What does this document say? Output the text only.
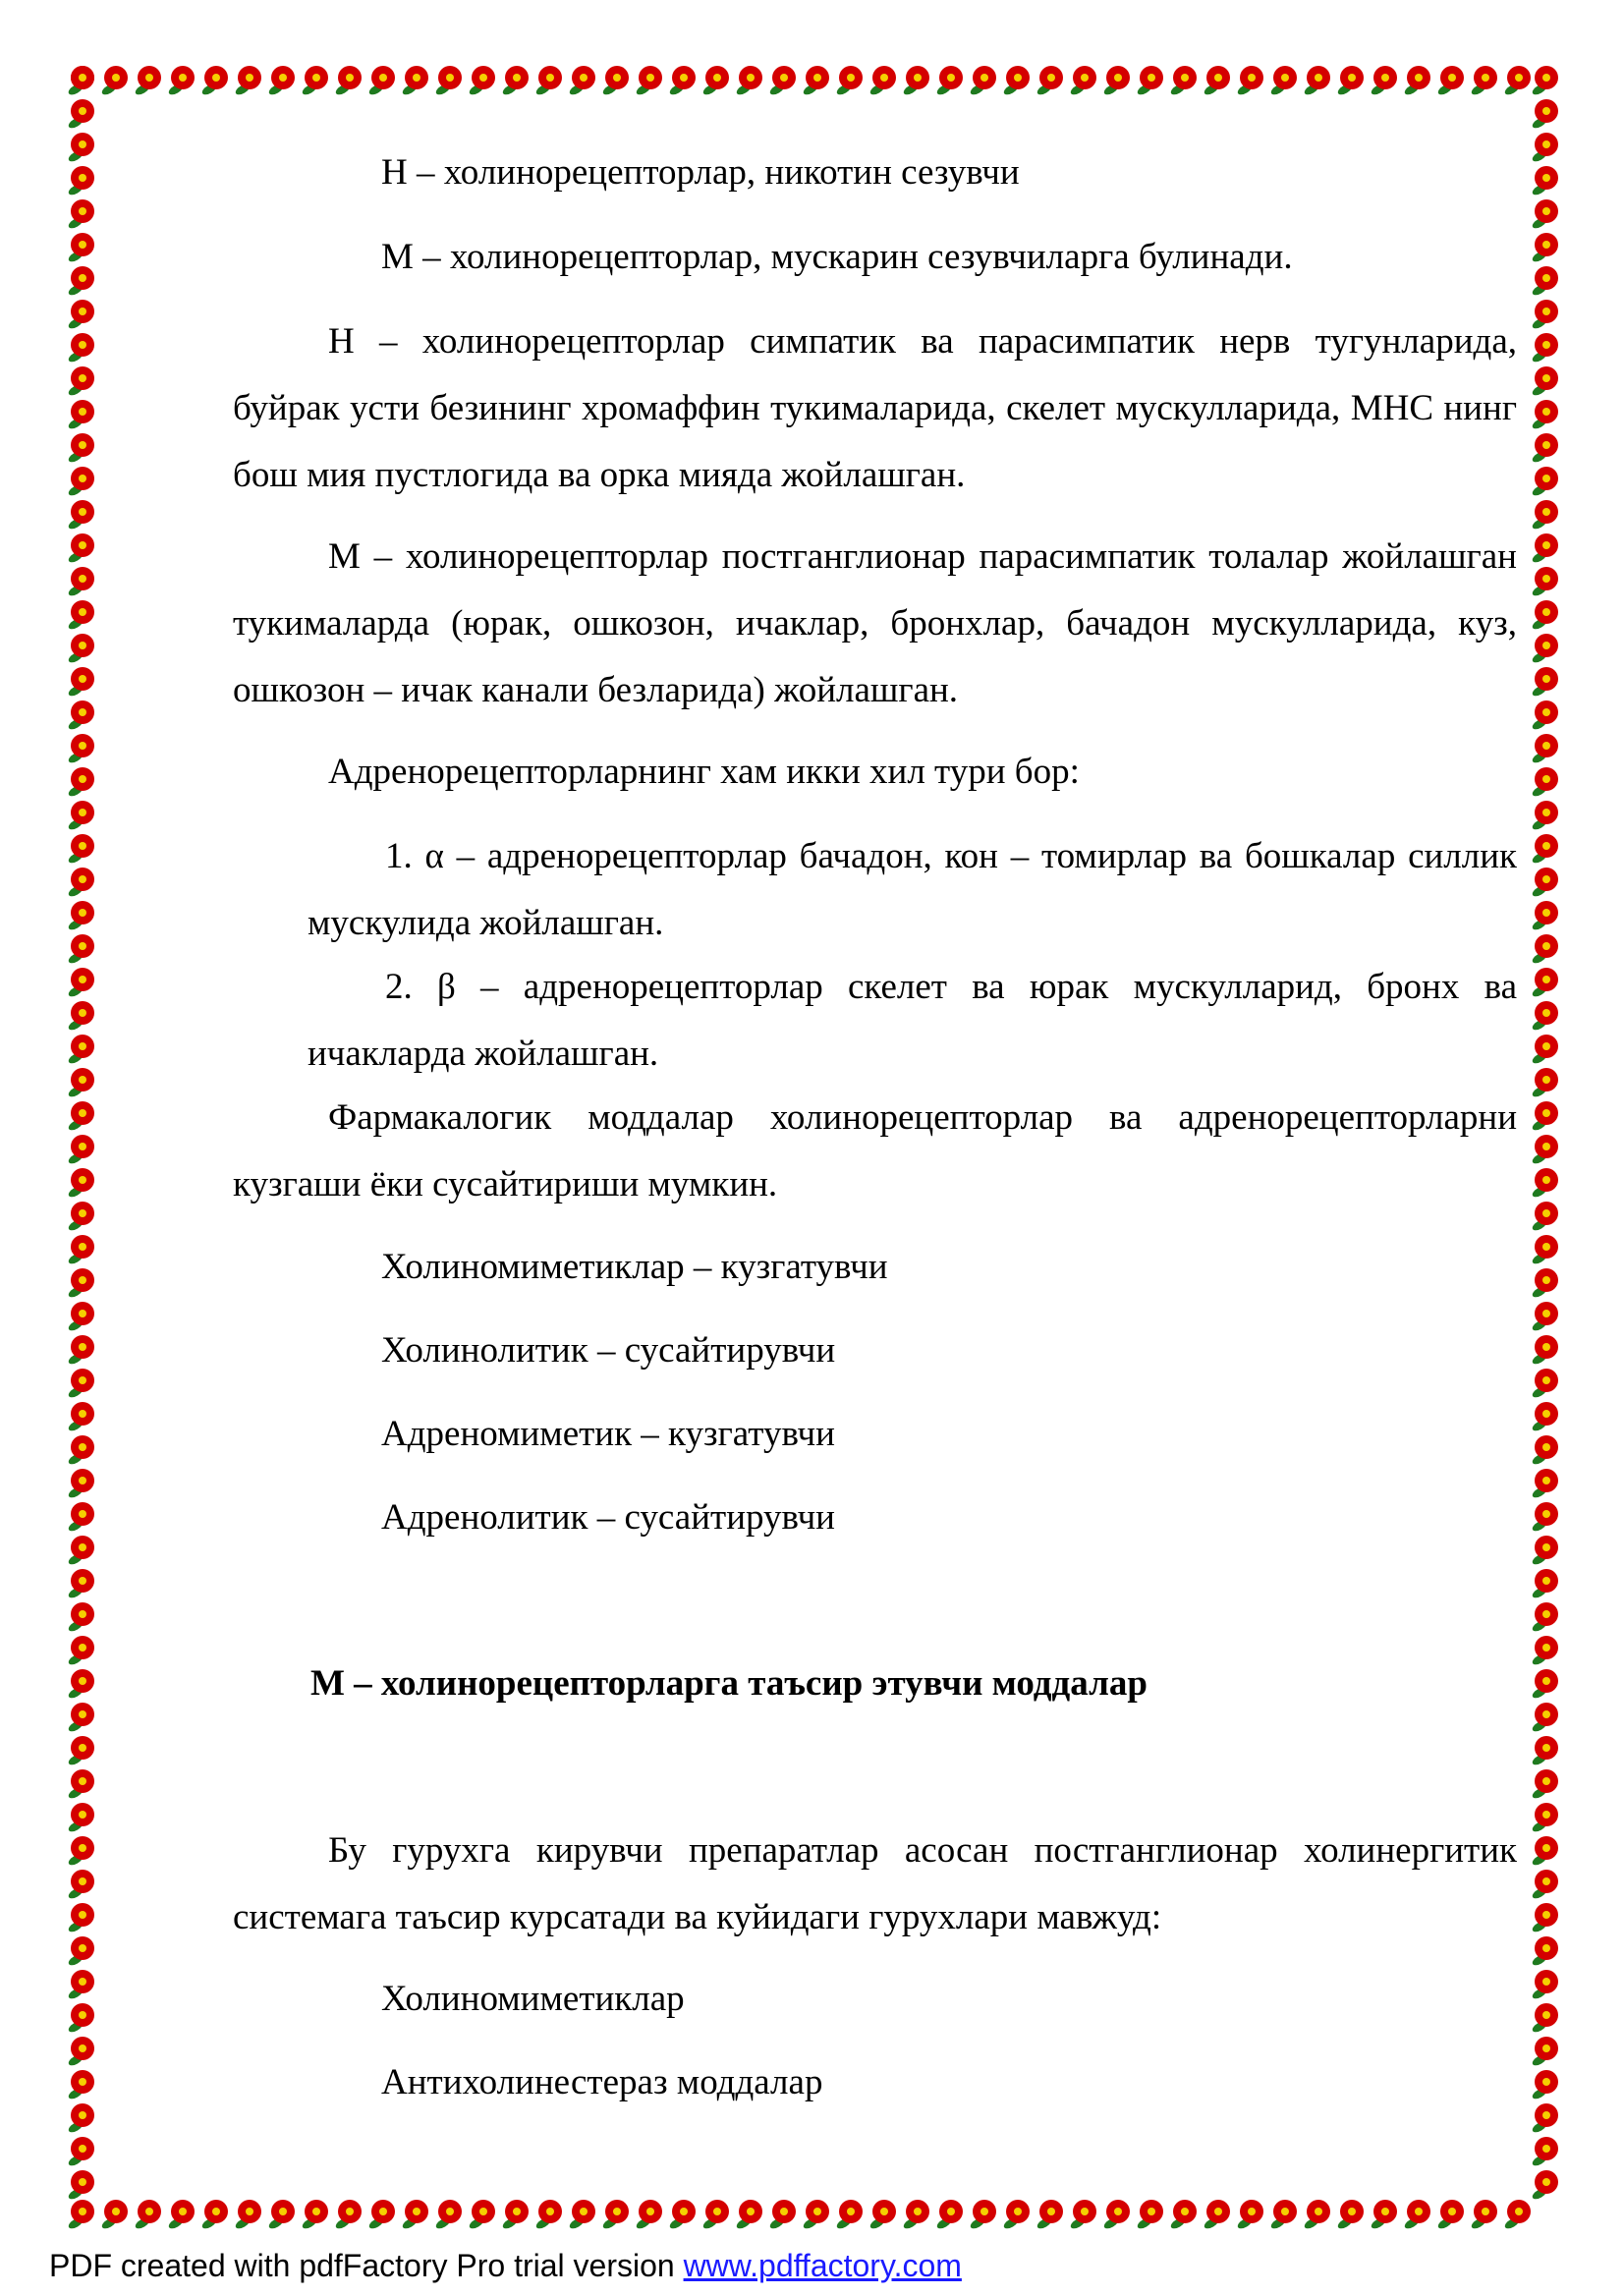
Н – холинорецепторлар, никотин сезувчи

М – холинорецепторлар, мускарин сезувчиларга булинади.

Н – холинорецепторлар симпатик ва парасимпатик нерв тугунларида, буйрак усти безининг хромаффин тукималарида, скелет мускулларида, МНС нинг бош мия пустлогида ва орка мияда жойлашган.

М – холинорецепторлар постганглионар парасимпатик толалар жойлашган тукималарда (юрак, ошкозон, ичаклар, бронхлар, бачадон мускулларида, куз, ошкозон – ичак канали безларида) жойлашган.

Адренорецепторларнинг хам икки хил тури бор:

1. α – адренорецепторлар бачадон, кон – томирлар ва бошкалар силлик мускулида жойлашган.

2. β – адренорецепторлар скелет ва юрак мускулларид, бронх ва ичакларда жойлашган.

Фармакалогик моддалар холинорецепторлар ва адренорецепторларни кузгаши ёки сусайтириши мумкин.

Холиномиметиклар – кузгатувчи

Холинолитик – сусайтирувчи

Адреномиметик – кузгатувчи

Адренолитик – сусайтирувчи

М – холинорецепторларга таъсир этувчи моддалар

Бу гурухга кирувчи препаратлар асосан постганглионар холинергитик системага таъсир курсатади ва куйидаги гурухлари мавжуд:

Холиномиметиклар

Антихолинестераз моддалар

PDF created with pdfFactory Pro trial version www.pdffactory.com
